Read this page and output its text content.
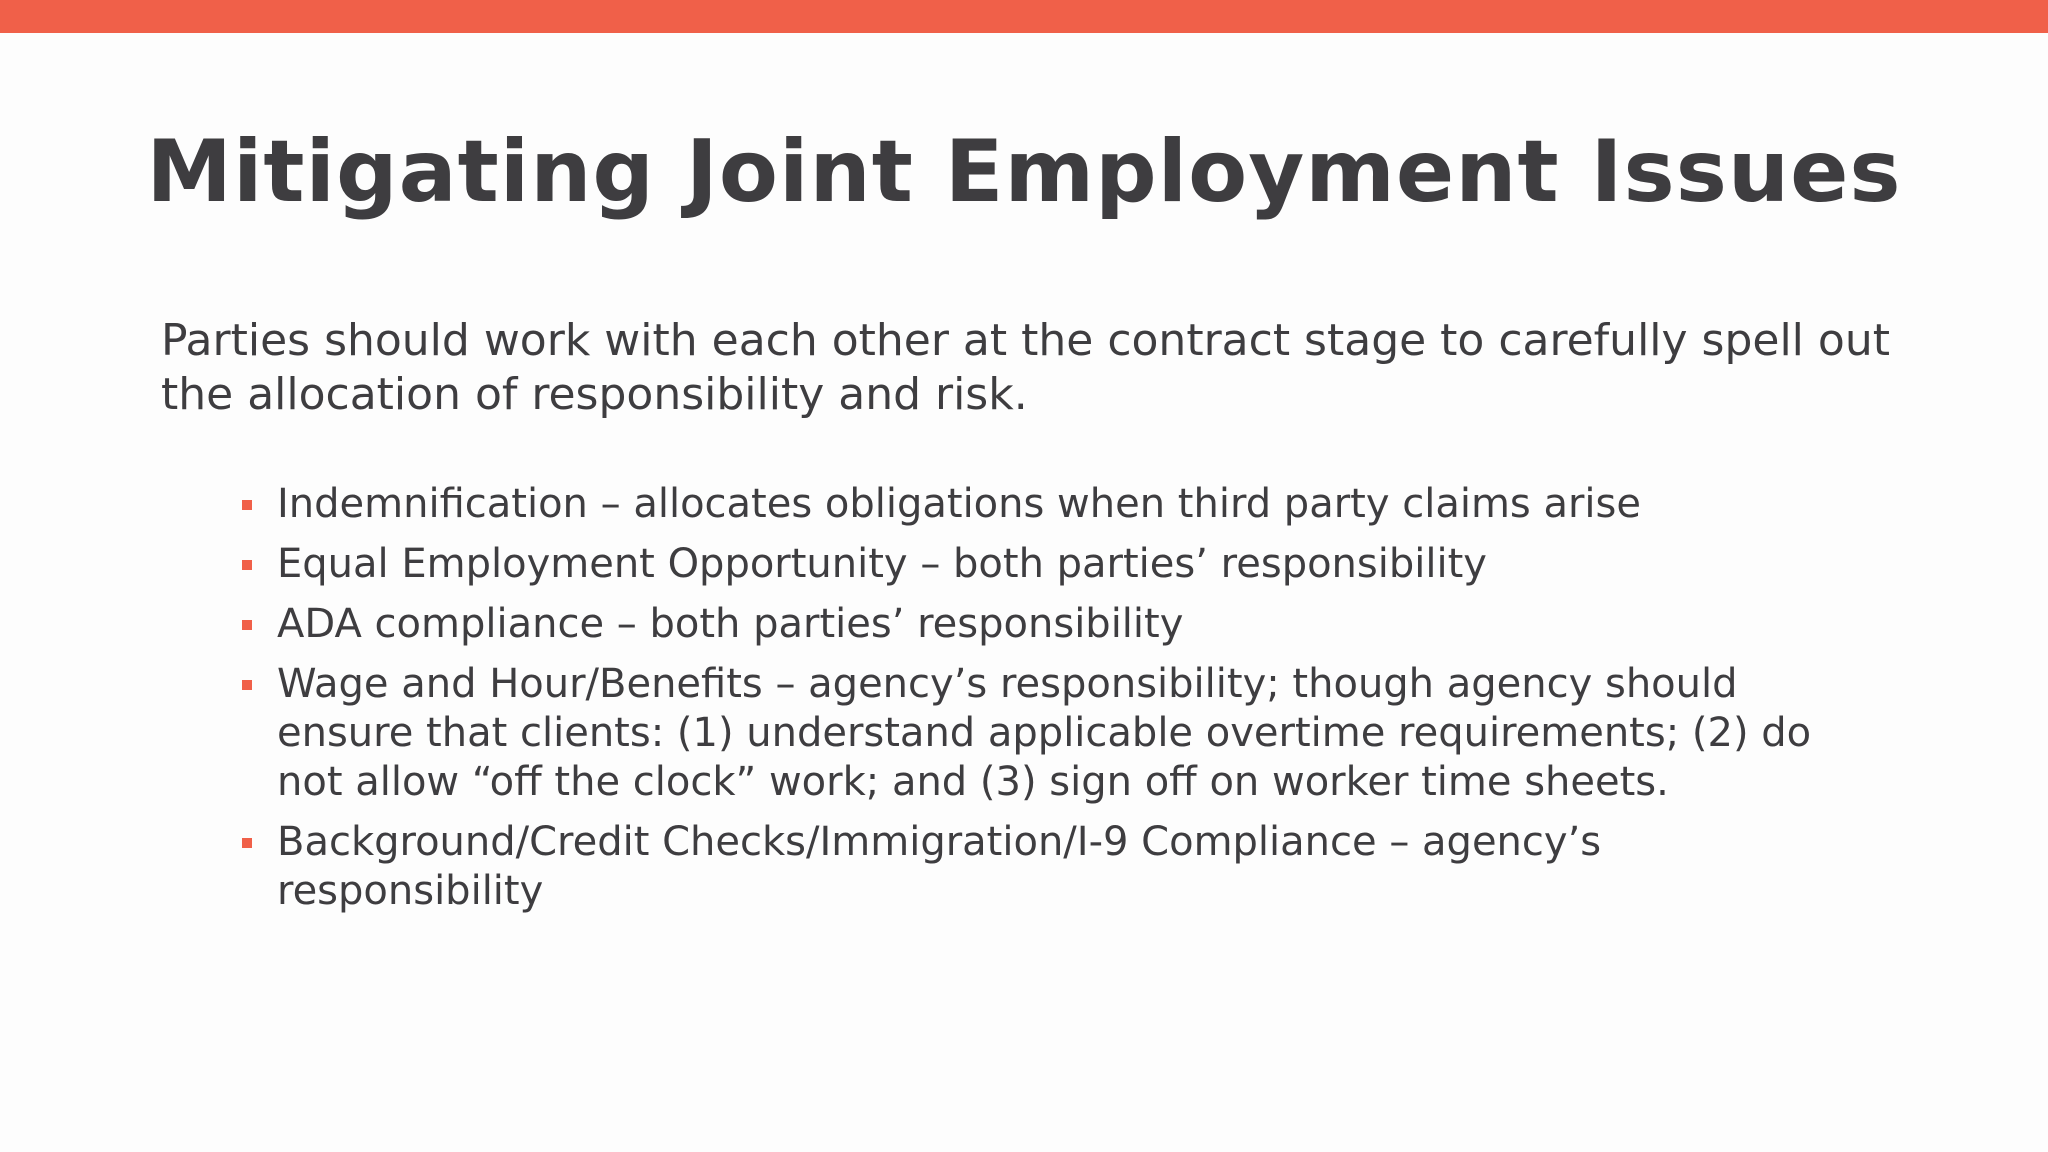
Mitigating Joint Employment Issues

Parties should work with each other at the contract stage to carefully spell out the allocation of responsibility and risk.

Indemnification – allocates obligations when third party claims arise
Equal Employment Opportunity – both parties’ responsibility
ADA compliance – both parties’ responsibility
Wage and Hour/Benefits – agency’s responsibility; though agency should ensure that clients: (1) understand applicable overtime requirements; (2) do not allow “off the clock” work; and (3) sign off on worker time sheets.
Background/Credit Checks/Immigration/I-9 Compliance – agency’s responsibility
